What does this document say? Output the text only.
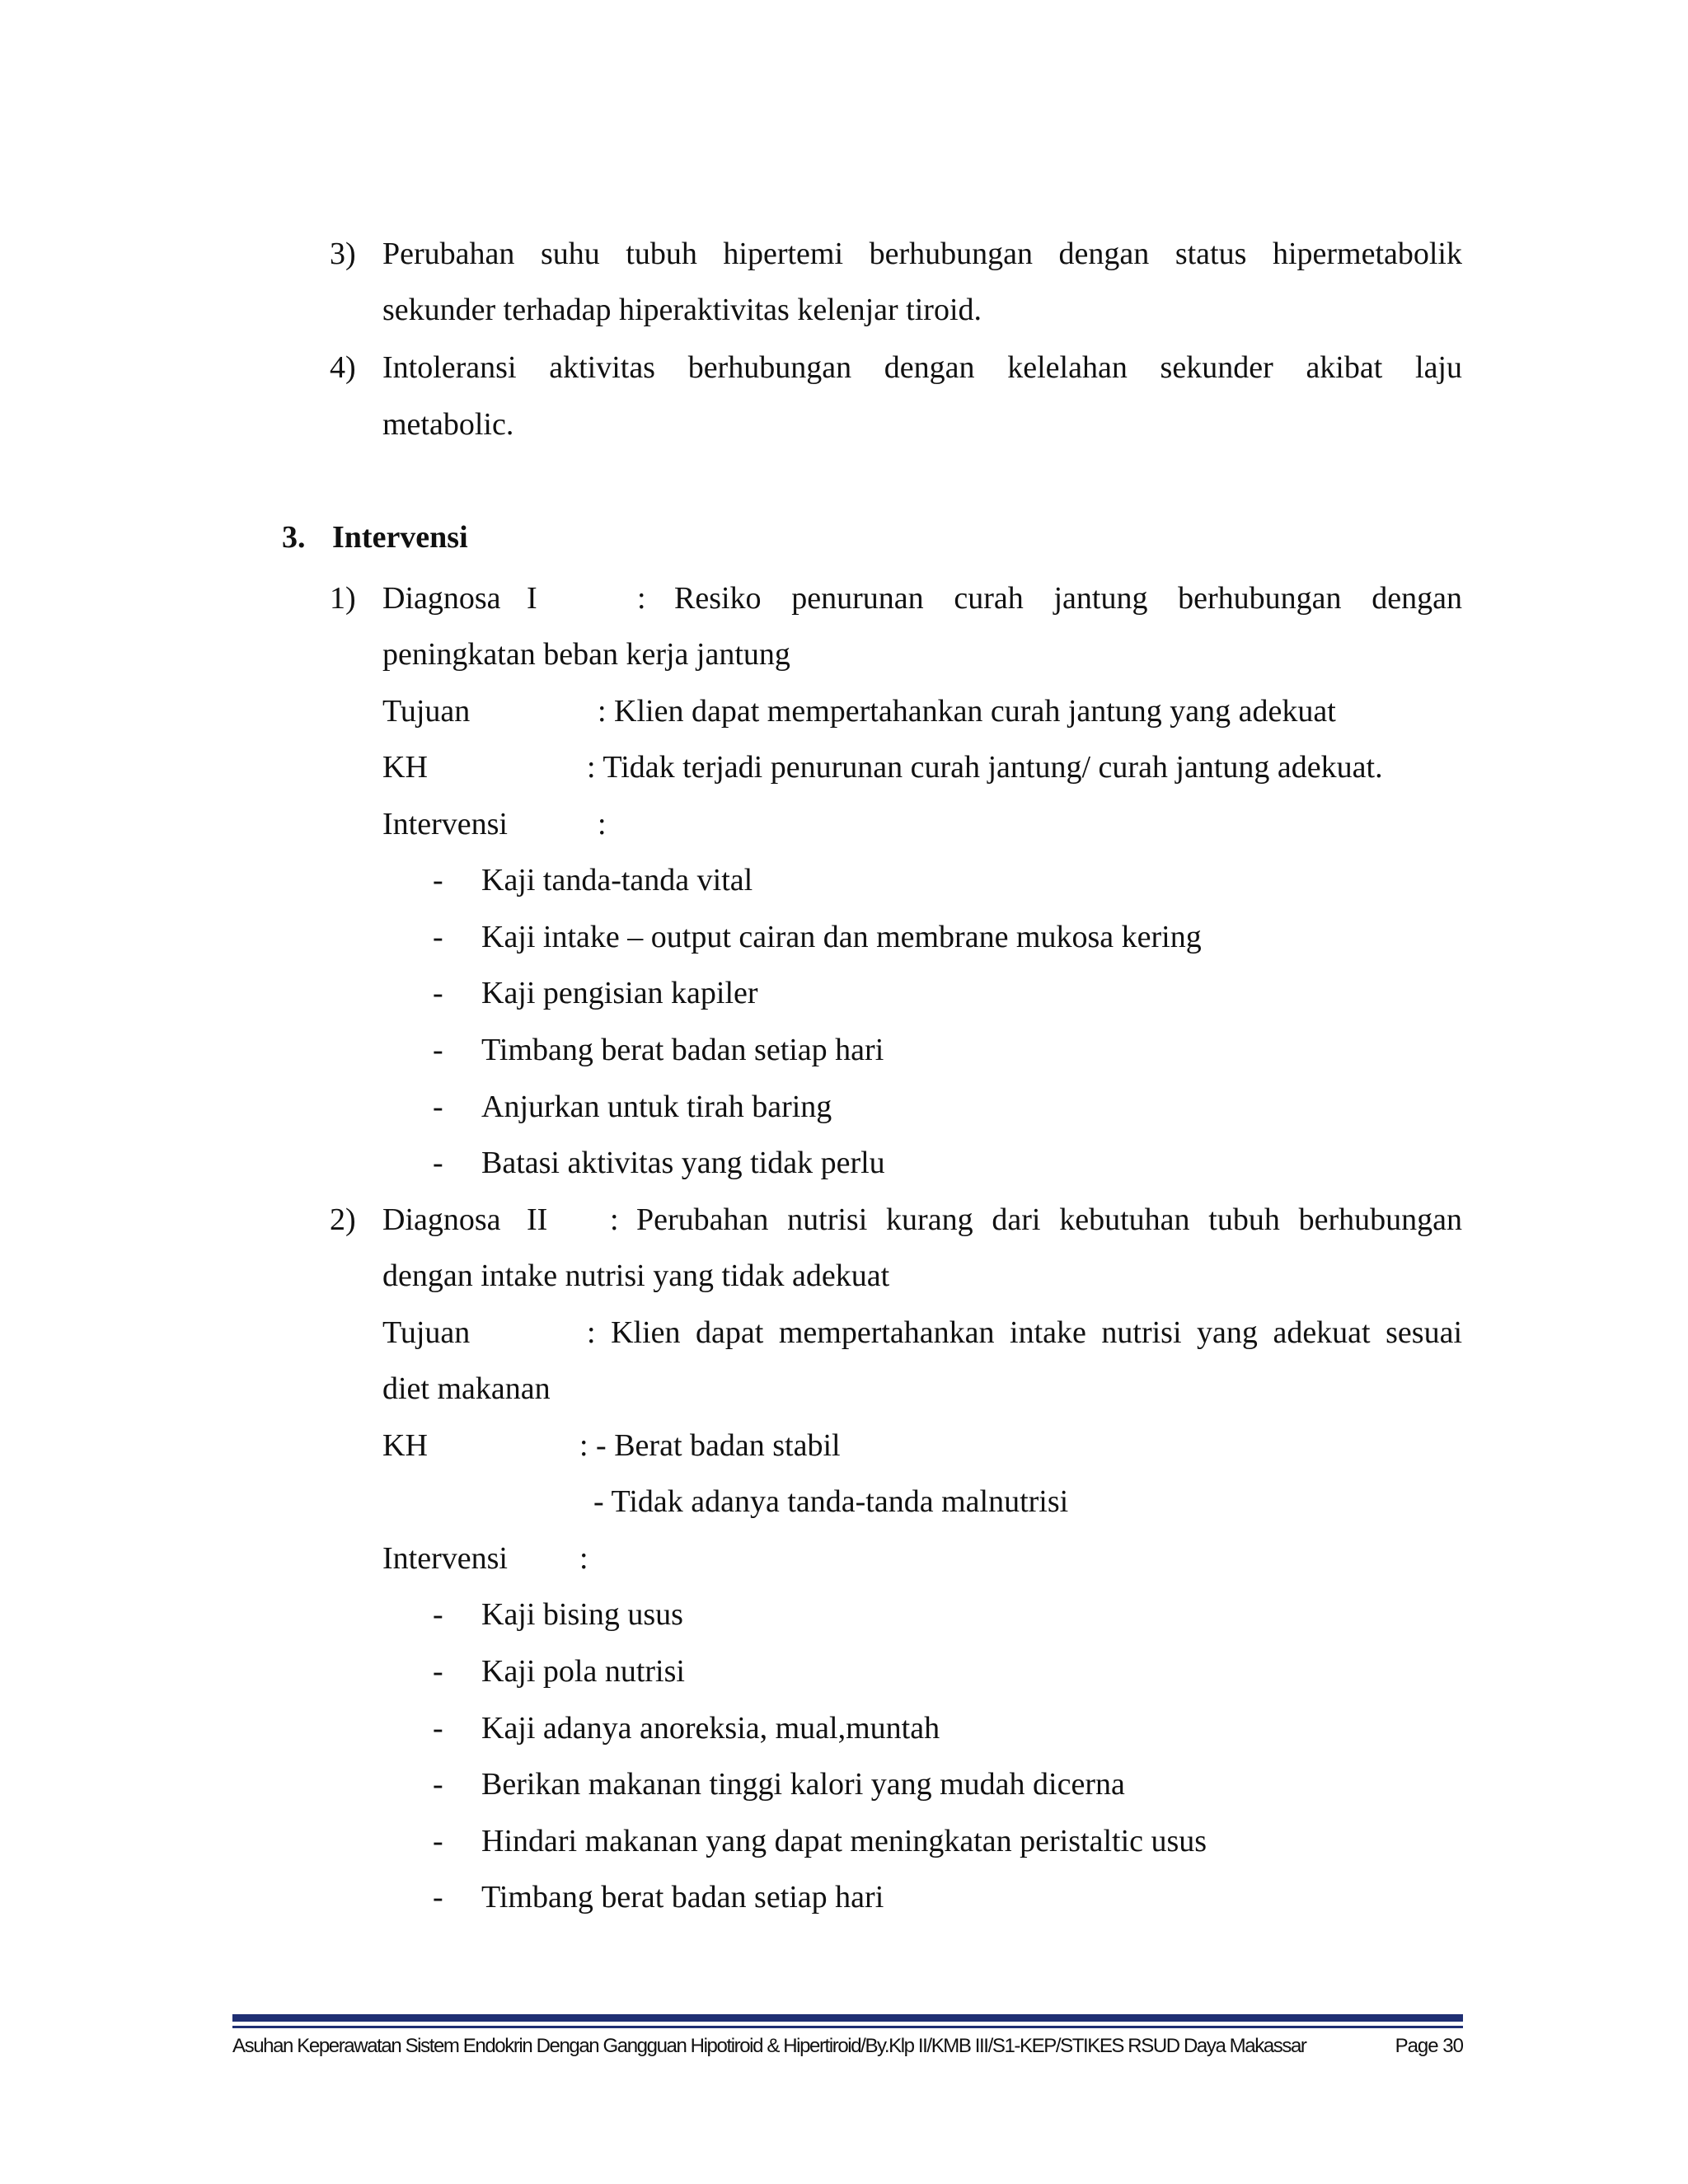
3) Perubahan suhu tubuh hipertemi berhubungan dengan status hipermetabolik
sekunder terhadap hiperaktivitas kelenjar tiroid.
4) Intoleransi aktivitas berhubungan dengan kelelahan sekunder akibat laju
metabolic.
3. Intervensi
1) Diagnosa I	: Resiko penurunan curah jantung berhubungan dengan
peningkatan beban kerja jantung
Tujuan	: Klien dapat mempertahankan curah jantung yang adekuat
KH	: Tidak terjadi penurunan curah jantung/ curah jantung adekuat.
Intervensi	:
- Kaji tanda-tanda vital
- Kaji intake – output cairan dan membrane mukosa kering
- Kaji pengisian kapiler
- Timbang berat badan setiap hari
- Anjurkan untuk tirah baring
- Batasi aktivitas yang tidak perlu
2) Diagnosa II : Perubahan nutrisi kurang dari kebutuhan tubuh berhubungan
dengan intake nutrisi yang tidak adekuat
Tujuan	: Klien dapat mempertahankan intake nutrisi yang adekuat sesuai
diet makanan
KH	: - Berat badan stabil
- Tidak adanya tanda-tanda malnutrisi
Intervensi :
- Kaji bising usus
- Kaji pola nutrisi
- Kaji adanya anoreksia, mual,muntah
- Berikan makanan tinggi kalori yang mudah dicerna
- Hindari makanan yang dapat meningkatan peristaltic usus
- Timbang berat badan setiap hari
Asuhan Keperawatan Sistem Endokrin Dengan Gangguan Hipotiroid & Hipertiroid/By.Klp II/KMB III/S1-KEP/STIKES RSUD Daya Makassar	Page 30
